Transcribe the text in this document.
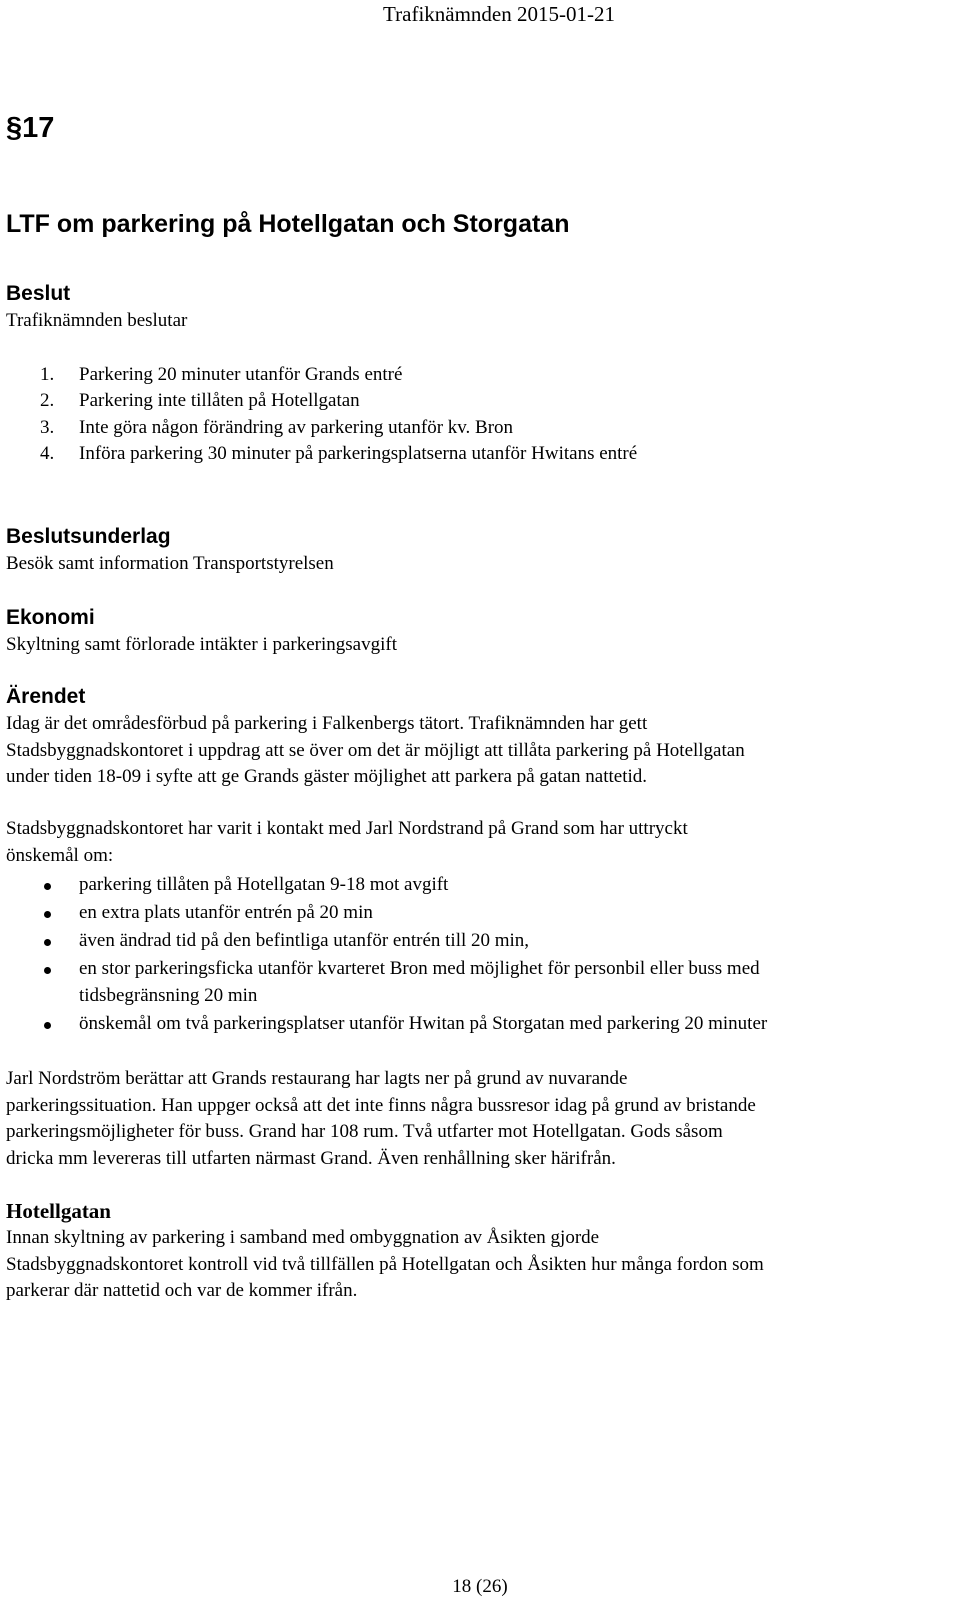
Trafiknämnden 2015-01-21
§17
LTF om parkering på Hotellgatan och Storgatan
Beslut
Trafiknämnden beslutar
1. Parkering 20 minuter utanför Grands entré
2. Parkering inte tillåten på Hotellgatan
3. Inte göra någon förändring av parkering utanför kv. Bron
4. Införa parkering 30 minuter på parkeringsplatserna utanför Hwitans entré
Beslutsunderlag
Besök samt information Transportstyrelsen
Ekonomi
Skyltning samt förlorade intäkter i parkeringsavgift
Ärendet
Idag är det områdesförbud på parkering i Falkenbergs tätort. Trafiknämnden har gett
Stadsbyggnadskontoret i uppdrag att se över om det är möjligt att tillåta parkering på Hotellgatan
under tiden 18-09 i syfte att ge Grands gäster möjlighet att parkera på gatan nattetid.
Stadsbyggnadskontoret har varit i kontakt med Jarl Nordstrand på Grand som har uttryckt
önskemål om:
parkering tillåten på Hotellgatan 9-18 mot avgift
en extra plats utanför entrén på 20 min
även ändrad tid på den befintliga utanför entrén till 20 min,
en stor parkeringsficka utanför kvarteret Bron med möjlighet för personbil eller buss med
tidsbegränsning 20 min
önskemål om två parkeringsplatser utanför Hwitan på Storgatan med parkering 20 minuter
Jarl Nordström berättar att Grands restaurang har lagts ner på grund av nuvarande
parkeringssituation. Han uppger också att det inte finns några bussresor idag på grund av bristande
parkeringsmöjligheter för buss. Grand har 108 rum. Två utfarter mot Hotellgatan. Gods såsom
dricka mm levereras till utfarten närmast Grand. Även renhållning sker härifrån.
Hotellgatan
Innan skyltning av parkering i samband med ombyggnation av Åsikten gjorde
Stadsbyggnadskontoret kontroll vid två tillfällen på Hotellgatan och Åsikten hur många fordon som
parkerar där nattetid och var de kommer ifrån.
18 (26)
